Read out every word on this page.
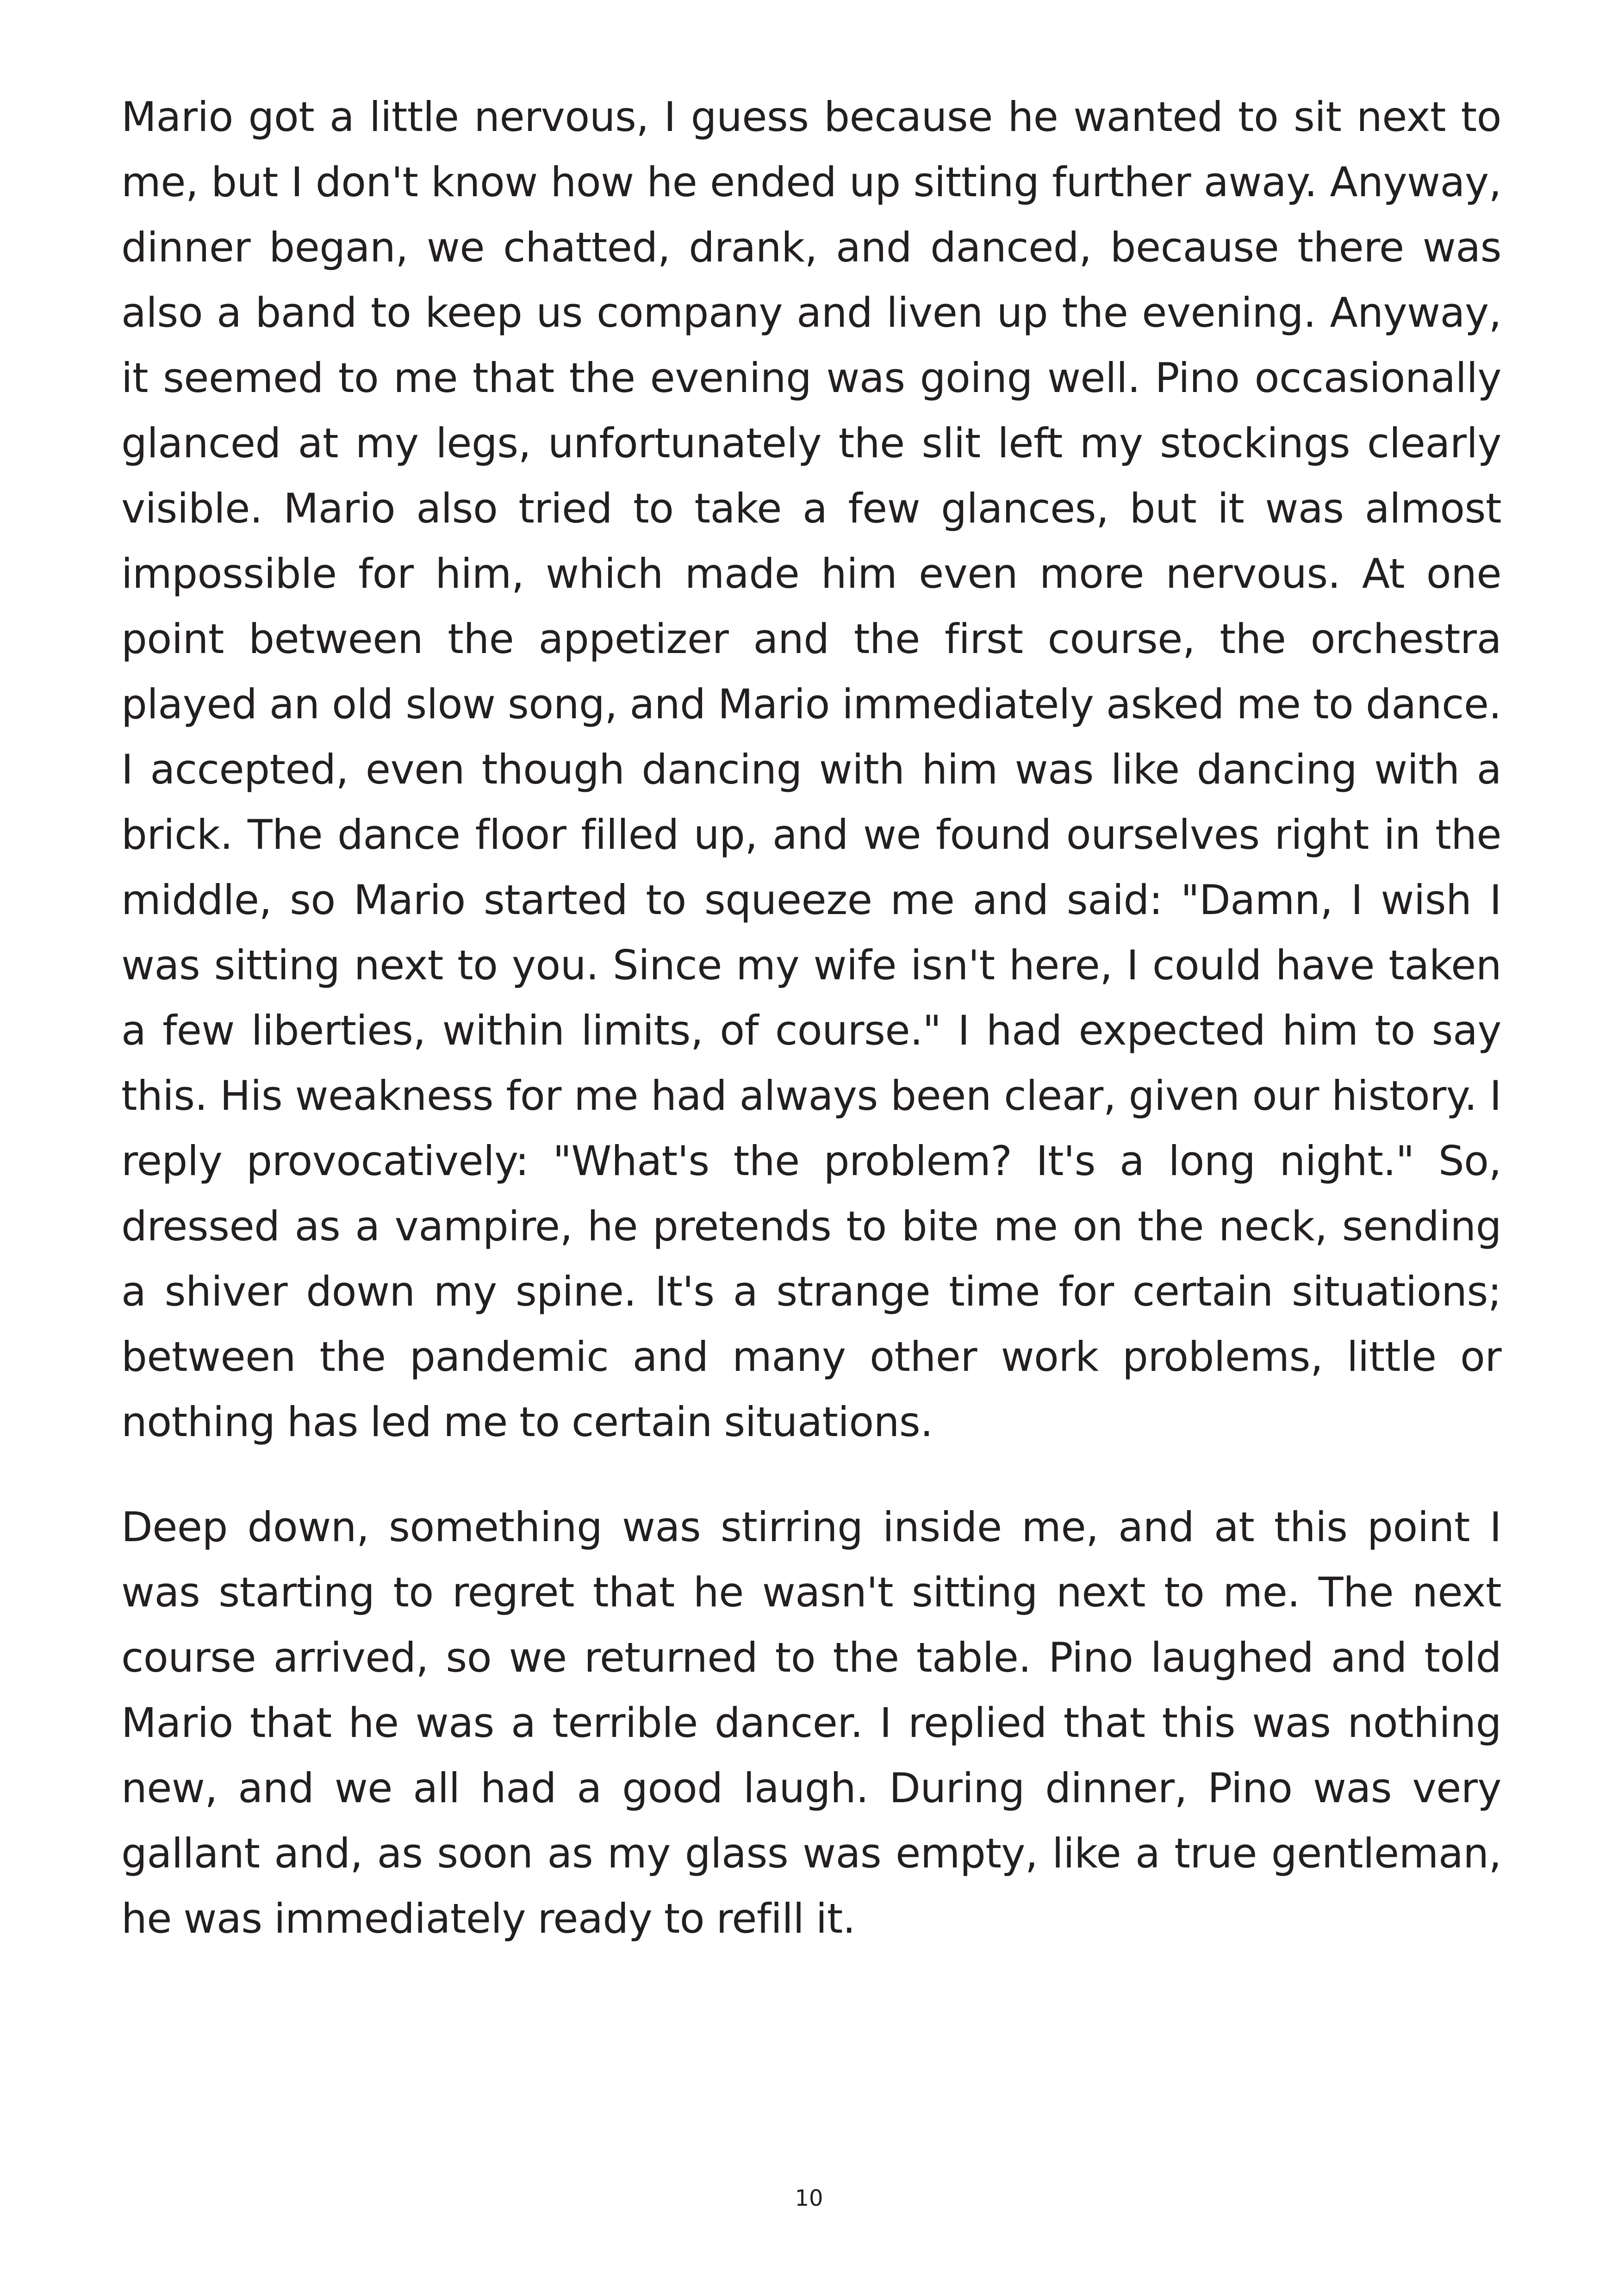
Mario got a little nervous, I guess because he wanted to sit next to me, but I don't know how he ended up sitting further away. Anyway, dinner began, we chatted, drank, and danced, because there was also a band to keep us company and liven up the evening. Anyway, it seemed to me that the evening was going well. Pino occasionally glanced at my legs, unfortunately the slit left my stockings clearly visible. Mario also tried to take a few glances, but it was almost impossible for him, which made him even more nervous. At one point between the appetizer and the first course, the orchestra played an old slow song, and Mario immediately asked me to dance. I accepted, even though dancing with him was like dancing with a brick. The dance floor filled up, and we found ourselves right in the middle, so Mario started to squeeze me and said: "Damn, I wish I was sitting next to you. Since my wife isn't here, I could have taken a few liberties, within limits, of course." I had expected him to say this. His weakness for me had always been clear, given our history. I reply provocatively: "What's the problem? It's a long night." So, dressed as a vampire, he pretends to bite me on the neck, sending a shiver down my spine. It's a strange time for certain situations; between the pandemic and many other work problems, little or nothing has led me to certain situations.

Deep down, something was stirring inside me, and at this point I was starting to regret that he wasn't sitting next to me. The next course arrived, so we returned to the table. Pino laughed and told Mario that he was a terrible dancer. I replied that this was nothing new, and we all had a good laugh. During dinner, Pino was very gallant and, as soon as my glass was empty, like a true gentleman, he was immediately ready to refill it.

10
